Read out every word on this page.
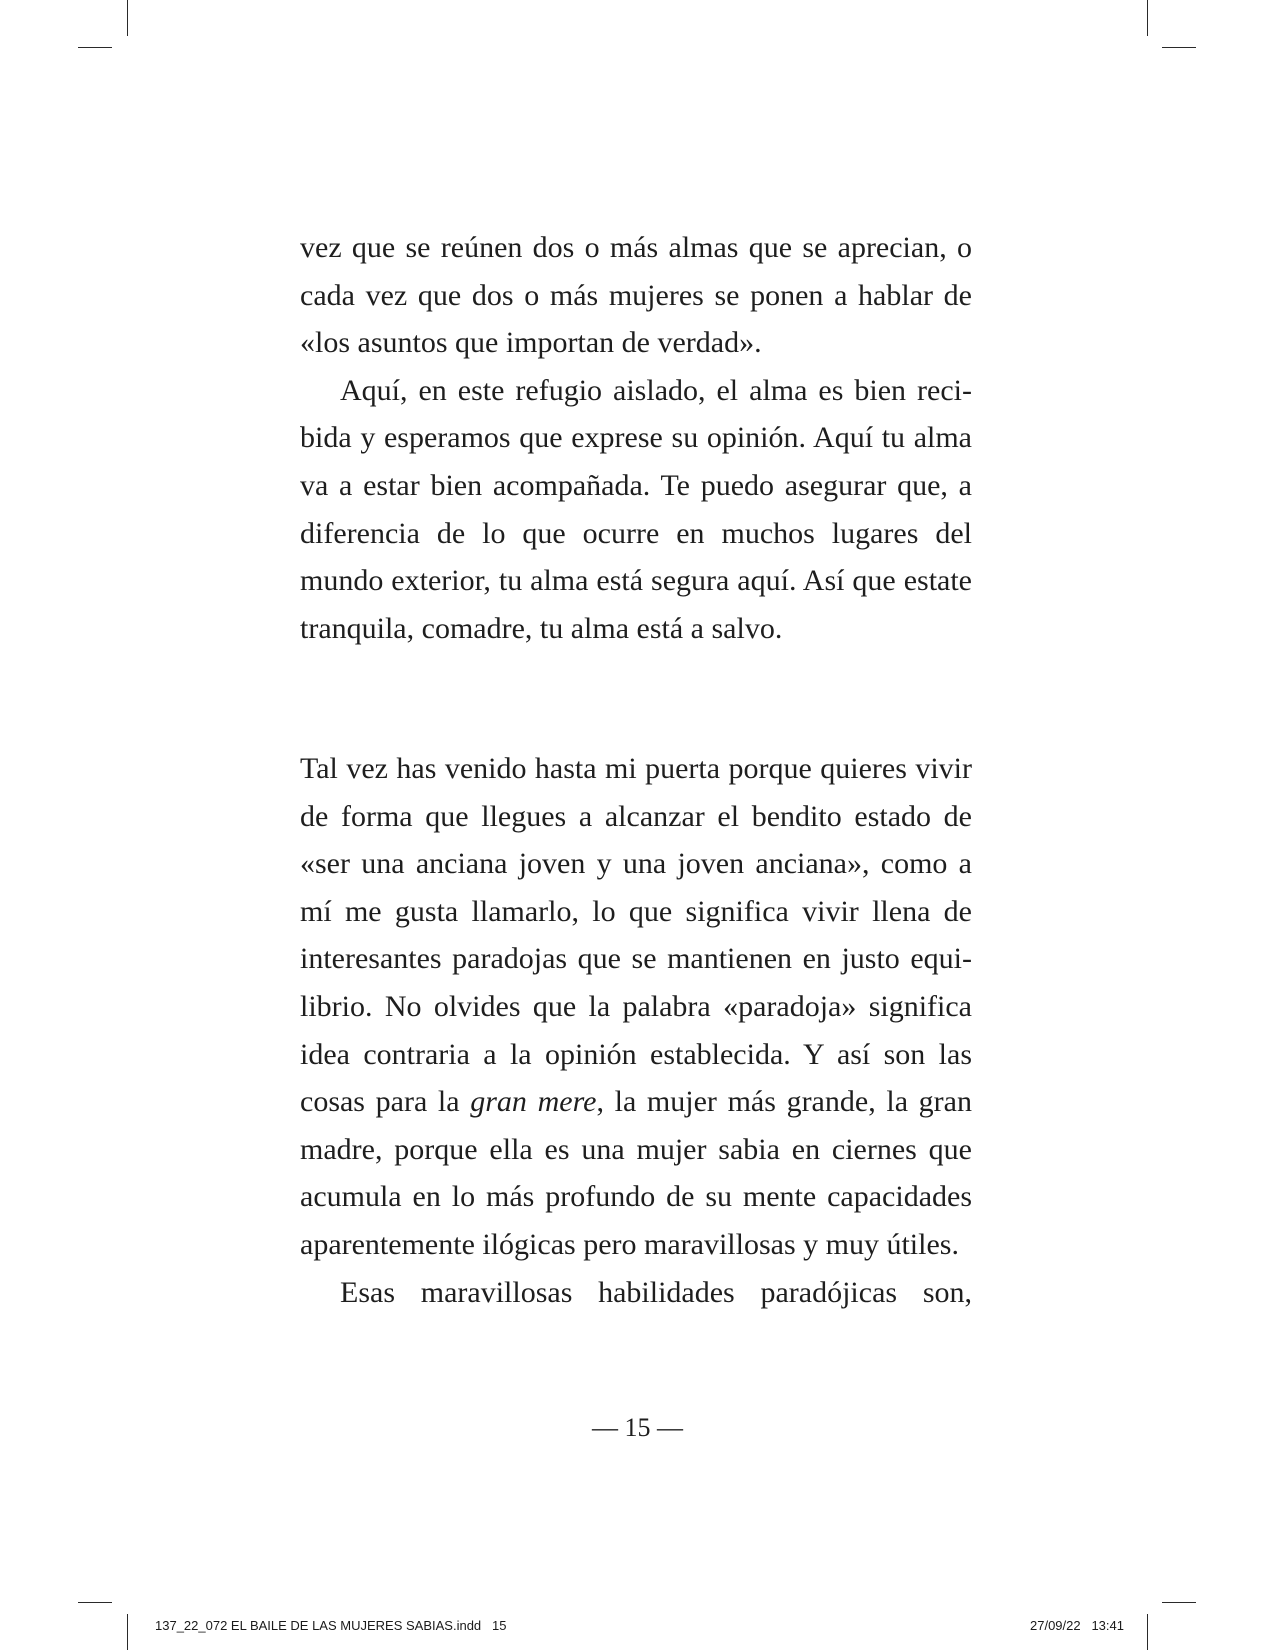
vez que se reúnen dos o más almas que se aprecian, o cada vez que dos o más mujeres se ponen a hablar de «los asuntos que importan de verdad».

Aquí, en este refugio aislado, el alma es bien recibida y esperamos que exprese su opinión. Aquí tu alma va a estar bien acompañada. Te puedo asegurar que, a diferencia de lo que ocurre en muchos lugares del mundo exterior, tu alma está segura aquí. Así que estate tranquila, comadre, tu alma está a salvo.

Tal vez has venido hasta mi puerta porque quieres vivir de forma que llegues a alcanzar el bendito estado de «ser una anciana joven y una joven anciana», como a mí me gusta llamarlo, lo que significa vivir llena de interesantes paradojas que se mantienen en justo equilibrio. No olvides que la palabra «paradoja» significa idea contraria a la opinión establecida. Y así son las cosas para la gran mere, la mujer más grande, la gran madre, porque ella es una mujer sabia en ciernes que acumula en lo más profundo de su mente capacidades aparentemente ilógicas pero maravillosas y muy útiles.

Esas maravillosas habilidades paradójicas son,

— 15 —
137_22_072 EL BAILE DE LAS MUJERES SABIAS.indd   15	27/09/22   13:41
